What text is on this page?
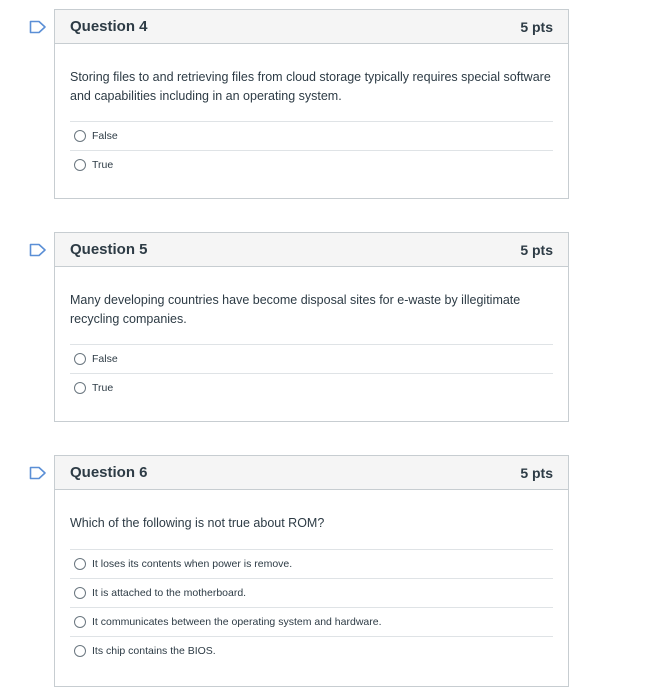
Question 4	5 pts

Storing files to and retrieving files from cloud storage typically requires special software and capabilities including in an operating system.

False
True
Question 5	5 pts

Many developing countries have become disposal sites for e-waste by illegitimate recycling companies.

False
True
Question 6	5 pts

Which of the following is not true about ROM?

It loses its contents when power is remove.
It is attached to the motherboard.
It communicates between the operating system and hardware.
Its chip contains the BIOS.
